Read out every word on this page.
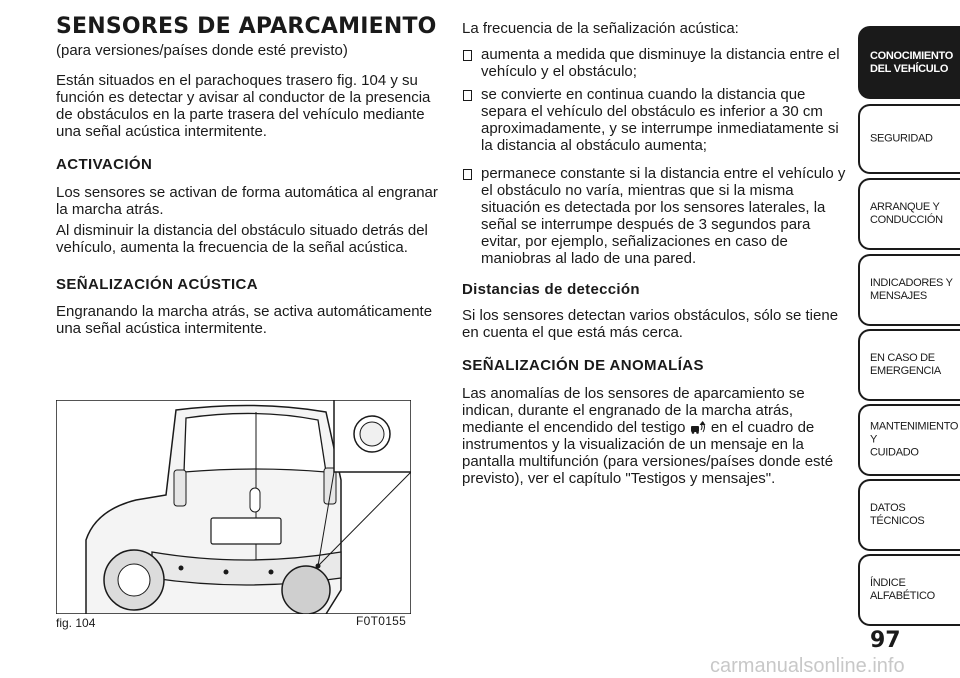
SENSORES DE APARCAMIENTO

(para versiones/países donde esté previsto)

Están situados en el parachoques trasero fig. 104 y su función es detectar y avisar al conductor de la presencia de obstáculos en la parte trasera del vehículo mediante una señal acústica intermitente.

ACTIVACIÓN

Los sensores se activan de forma automática al engranar la marcha atrás.

Al disminuir la distancia del obstáculo situado detrás del vehículo, aumenta la frecuencia de la señal acústica.

SEÑALIZACIÓN ACÚSTICA

Engranando la marcha atrás, se activa automáticamente una señal acústica intermitente.

fig. 104	F0T0155

La frecuencia de la señalización acústica:

aumenta a medida que disminuye la distancia entre el vehículo y el obstáculo;

se convierte en continua cuando la distancia que separa el vehículo del obstáculo es inferior a 30 cm aproximadamente, y se interrumpe inmediatamente si la distancia al obstáculo aumenta;

permanece constante si la distancia entre el vehículo y el obstáculo no varía, mientras que si la misma situación es detectada por los sensores laterales, la señal se interrumpe después de 3 segundos para evitar, por ejemplo, señalizaciones en caso de maniobras al lado de una pared.

Distancias de detección

Si los sensores detectan varios obstáculos, sólo se tiene en cuenta el que está más cerca.

SEÑALIZACIÓN DE ANOMALÍAS

Las anomalías de los sensores de aparcamiento se indican, durante el engranado de la marcha atrás, mediante el encendido del testigo en el cuadro de instrumentos y la visualización de un mensaje en la pantalla multifunción (para versiones/países donde esté previsto), ver el capítulo "Testigos y mensajes".

CONOCIMIENTO
DEL VEHÍCULO
SEGURIDAD
ARRANQUE Y
CONDUCCIÓN
INDICADORES Y
MENSAJES
EN CASO DE
EMERGENCIA
MANTENIMIENTO Y
CUIDADO
DATOS TÉCNICOS
ÍNDICE ALFABÉTICO
97
carmanualsonline.info
